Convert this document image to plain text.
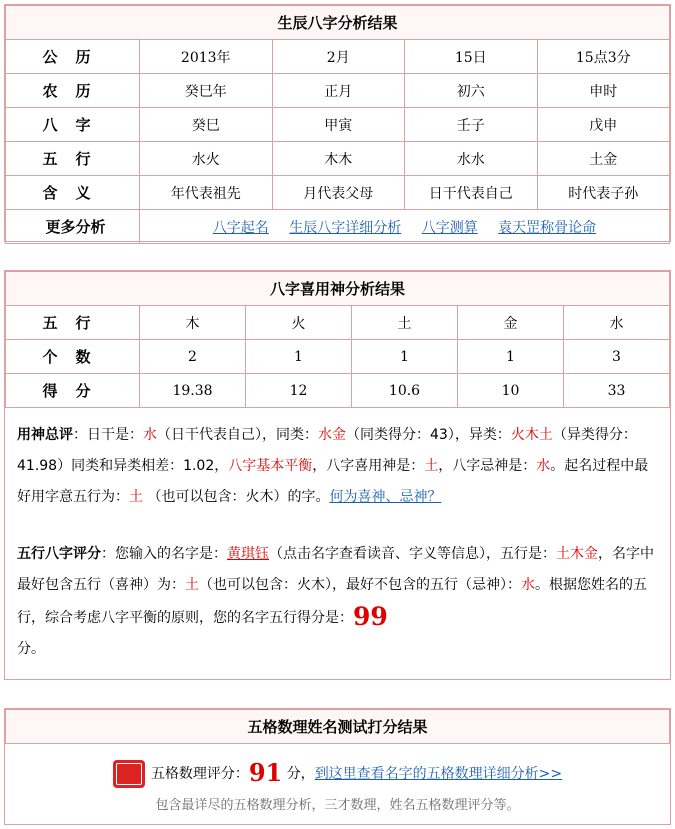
生辰八字分析结果				
公历	2013年	2月	15日	15点3分
农历	癸巳年	正月	初六	申时
八字	癸巳	甲寅	壬子	戊申
五行	水火	木木	水水	土金
含义	年代表祖先	月代表父母	日干代表自己	时代表子孙
更多分析	八字起名 生辰八字详细分析 八字测算 袁天罡称骨论命			
八字喜用神分析结果					
五行	木	火	土	金	水
个数	2	1	1	1	3
得分	19.38	12	10.6	10	33
用神总评：日干是：水（日干代表自己），同类：水金（同类得分：43），异类：火木土（异类得分：41.98）同类和异类相差：1.02，八字基本平衡，八字喜用神是：土，八字忌神是：水。起名过程中最好用字意五行为：土 （也可以包含：火木）的字。何为喜神、忌神？
五行八字评分：您输入的名字是：黄琪钰（点击名字查看读音、字义等信息），五行是：土木金，名字中最好包含五行（喜神）为：土（也可以包含：火木），最好不包含的五行（忌神）：水。根据您姓名的五行，综合考虑八字平衡的原则，您的名字五行得分是：99
分。
五格数理姓名测试打分结果
五格数理评分：91 分，到这里查看名字的五格数理详细分析>>
包含最详尽的五格数理分析，三才数理，姓名五格数理评分等。
